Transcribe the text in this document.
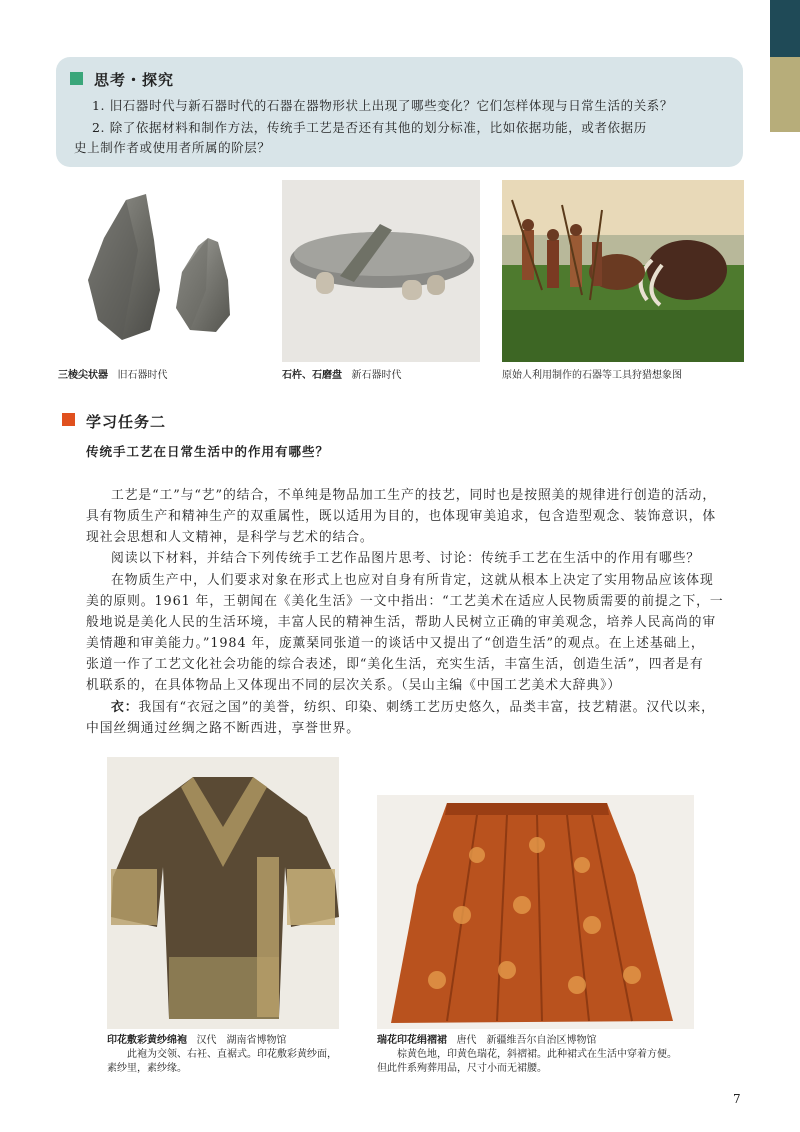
思考・探究
1. 旧石器时代与新石器时代的石器在器物形状上出现了哪些变化？它们怎样体现与日常生活的关系？
2. 除了依据材料和制作方法，传统手工艺是否还有其他的划分标准，比如依据功能，或者依据历
史上制作者或使用者所属的阶层？
三棱尖状器 旧石器时代	石杵、石磨盘 新石器时代	原始人利用制作的石器等工具狩猎想象图
学习任务二
传统手工艺在日常生活中的作用有哪些？
工艺是“工”与“艺”的结合，不单纯是物品加工生产的技艺，同时也是按照美的规律进行创造的活动，
具有物质生产和精神生产的双重属性，既以适用为目的，也体现审美追求，包含造型观念、装饰意识，体
现社会思想和人文精神，是科学与艺术的结合。
阅读以下材料，并结合下列传统手工艺作品图片思考、讨论：传统手工艺在生活中的作用有哪些？
在物质生产中，人们要求对象在形式上也应对自身有所肯定，这就从根本上决定了实用物品应该体现
美的原则。1961 年，王朝闻在《美化生活》一文中指出：“工艺美术在适应人民物质需要的前提之下，一
般地说是美化人民的生活环境，丰富人民的精神生活，帮助人民树立正确的审美观念，培养人民高尚的审
美情趣和审美能力。”1984 年，庞薰琹同张道一的谈话中又提出了“创造生活”的观点。在上述基础上，
张道一作了工艺文化社会功能的综合表述，即“美化生活，充实生活，丰富生活，创造生活”，四者是有
机联系的，在具体物品上又体现出不同的层次关系。（吴山主编《中国工艺美术大辞典》）
衣：我国有“衣冠之国”的美誉，纺织、印染、刺绣工艺历史悠久，品类丰富，技艺精湛。汉代以来，
中国丝绸通过丝绸之路不断西进，享誉世界。
印花敷彩黄纱绵袍 汉代　湖南省博物馆
此袍为交领、右衽、直裾式。印花敷彩黄纱面，
素纱里，素纱缘。
瑞花印花绢褶裙 唐代　新疆维吾尔自治区博物馆
棕黄色地，印黄色瑞花，斜褶裙。此种裙式在生活中穿着方便。
但此件系殉葬用品，尺寸小而无裙腰。
7
